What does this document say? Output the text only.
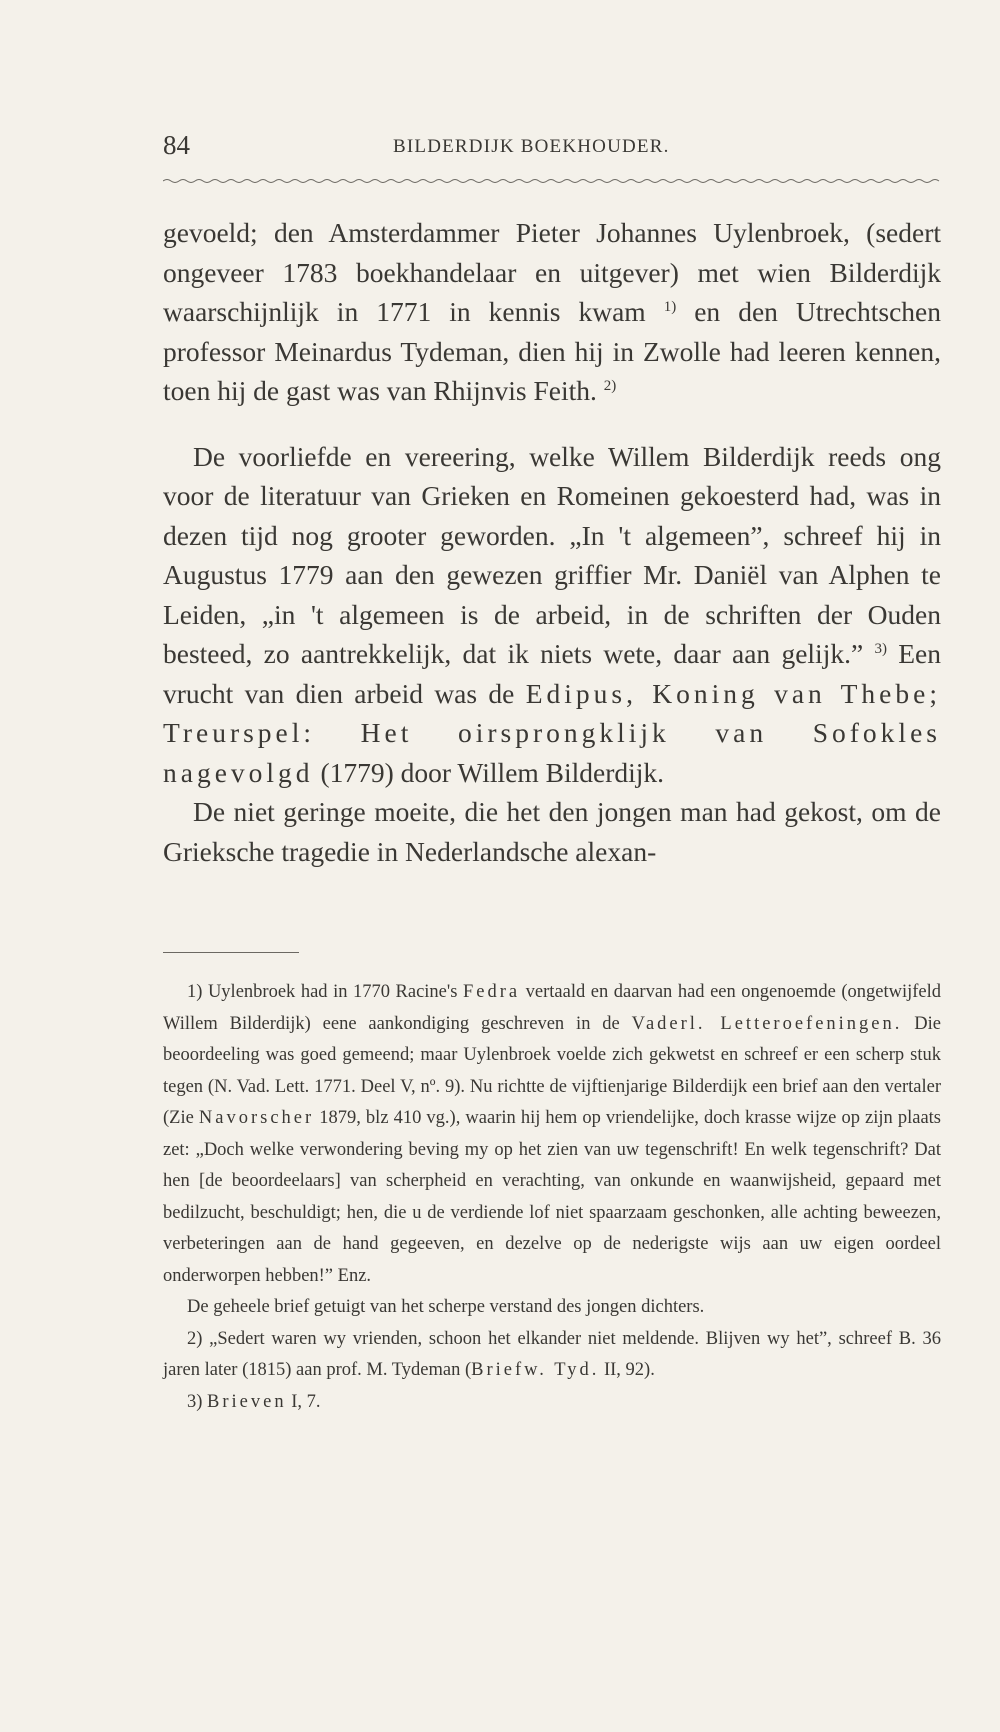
84	BILDERDIJK BOEKHOUDER.

gevoeld; den Amsterdammer Pieter Johannes Uylenbroek, (sedert ongeveer 1783 boekhandelaar en uitgever) met wien Bilderdijk waarschijnlijk in 1771 in kennis kwam $^{1)}$ en den Utrechtschen professor Meinardus Tydeman, dien hij in Zwolle had leeren kennen, toen hij de gast was van Rhijnvis Feith. $^{2)}$

De voorliefde en vereering, welke Willem Bilderdijk reeds ong voor de literatuur van Grieken en Romeinen gekoesterd had, was in dezen tijd nog grooter geworden. „In 't algemeen”, schreef hij in Augustus 1779 aan den gewezen griffier Mr. Daniël van Alphen te Leiden, „in 't algemeen is de arbeid, in de schriften der Ouden besteed, zo aantrekkelijk, dat ik niets wete, daar aan gelijk.” $^{3)}$ Een vrucht van dien arbeid was de Edipus, Koning van Thebe; Treurspel: Het oirsprongklijk van Sofokles nagevolgd (1779) door Willem Bilderdijk.

De niet geringe moeite, die het den jongen man had gekost, om de Grieksche tragedie in Nederlandsche alexan-

1) Uylenbroek had in 1770 Racine's Fedra vertaald en daarvan had een ongenoemde (ongetwijfeld Willem Bilderdijk) eene aankondiging geschreven in de Vaderl. Letteroefeningen. Die beoordeeling was goed gemeend; maar Uylenbroek voelde zich gekwetst en schreef er een scherp stuk tegen (N. Vad. Lett. 1771. Deel V, nº. 9). Nu richtte de vijftienjarige Bilderdijk een brief aan den vertaler (Zie Navorscher 1879, blz 410 vg.), waarin hij hem op vriendelijke, doch krasse wijze op zijn plaats zet: „Doch welke verwondering beving my op het zien van uw tegenschrift! En welk tegenschrift? Dat hen [de beoordeelaars] van scherpheid en verachting, van onkunde en waanwijsheid, gepaard met bedilzucht, beschuldigt; hen, die u de verdiende lof niet spaarzaam geschonken, alle achting beweezen, verbeteringen aan de hand gegeeven, en dezelve op de nederigste wijs aan uw eigen oordeel onderworpen hebben!” Enz.

De geheele brief getuigt van het scherpe verstand des jongen dichters.

2) „Sedert waren wy vrienden, schoon het elkander niet meldende. Blijven wy het”, schreef B. 36 jaren later (1815) aan prof. M. Tydeman (Briefw. Tyd. II, 92).

3) Brieven I, 7.
